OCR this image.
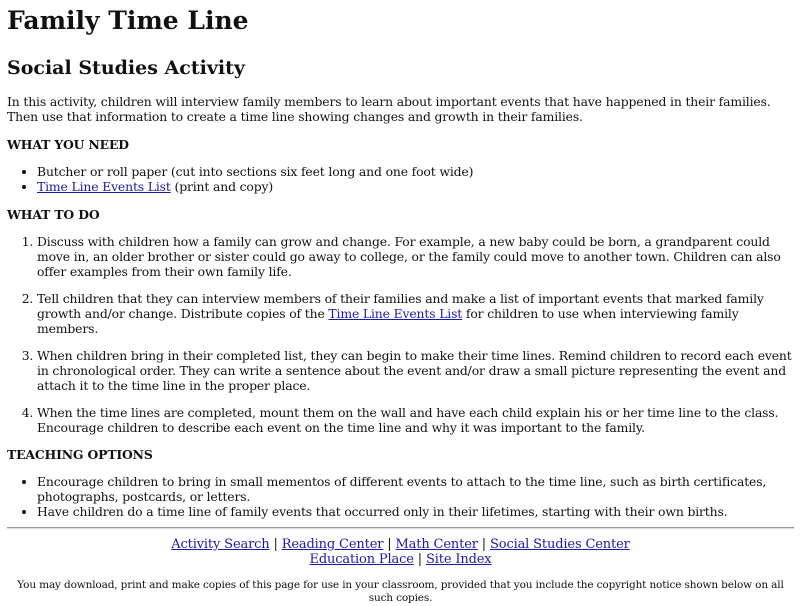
Family Time Line
Social Studies Activity

In this activity, children will interview family members to learn about important events that have happened in their families. Then use that information to create a time line showing changes and growth in their families.

WHAT YOU NEED
• Butcher or roll paper (cut into sections six feet long and one foot wide)
• Time Line Events List (print and copy)
WHAT TO DO
1. Discuss with children how a family can grow and change. For example, a new baby could be born, a grandparent could move in, an older brother or sister could go away to college, or the family could move to another town. Children can also offer examples from their own family life.
2. Tell children that they can interview members of their families and make a list of important events that marked family growth and/or change. Distribute copies of the Time Line Events List for children to use when interviewing family members.
3. When children bring in their completed list, they can begin to make their time lines. Remind children to record each event in chronological order. They can write a sentence about the event and/or draw a small picture representing the event and attach it to the time line in the proper place.
4. When the time lines are completed, mount them on the wall and have each child explain his or her time line to the class. Encourage children to describe each event on the time line and why it was important to the family.
TEACHING OPTIONS
• Encourage children to bring in small mementos of different events to attach to the time line, such as birth certificates, photographs, postcards, or letters.
• Have children do a time line of family events that occurred only in their lifetimes, starting with their own births.
Activity Search | Reading Center | Math Center | Social Studies Center
Education Place | Site Index
You may download, print and make copies of this page for use in your classroom, provided that you include the copyright notice shown below on all such copies.
